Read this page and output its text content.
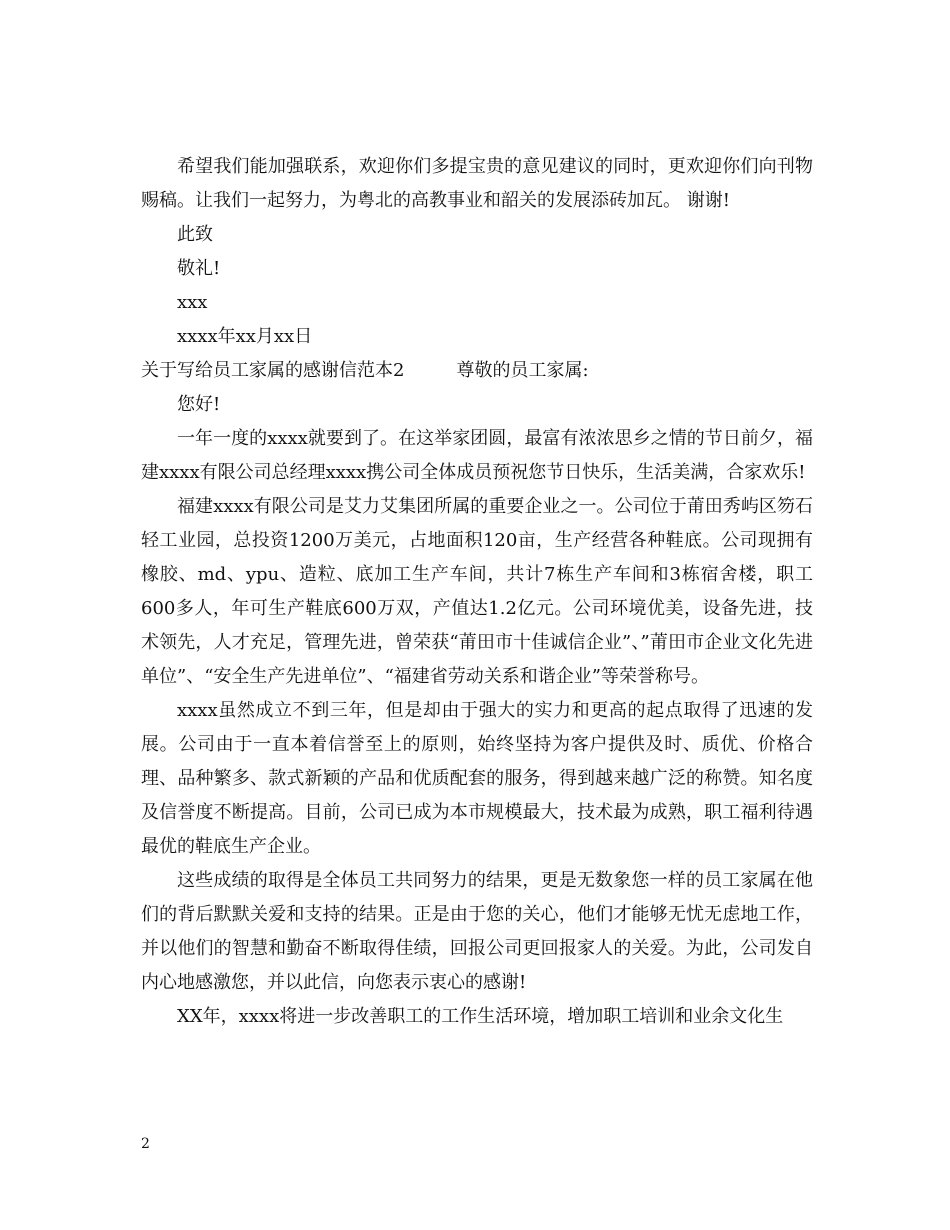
希望我们能加强联系，欢迎你们多提宝贵的意见建议的同时，更欢迎你们向刊物赐稿。让我们一起努力，为粤北的高教事业和韶关的发展添砖加瓦。 谢谢!

此致

敬礼!

xxx

xxxx年xx月xx日

关于写给员工家属的感谢信范本2	尊敬的员工家属:

您好!

一年一度的xxxx就要到了。在这举家团圆，最富有浓浓思乡之情的节日前夕，福建xxxx有限公司总经理xxxx携公司全体成员预祝您节日快乐，生活美满，合家欢乐!

福建xxxx有限公司是艾力艾集团所属的重要企业之一。公司位于莆田秀屿区笏石轻工业园，总投资1200万美元，占地面积120亩，生产经营各种鞋底。公司现拥有橡胶、md、ypu、造粒、底加工生产车间，共计7栋生产车间和3栋宿舍楼，职工600多人，年可生产鞋底600万双，产值达1.2亿元。公司环境优美，设备先进，技术领先，人才充足，管理先进，曾荣获“莆田市十佳诚信企业”、”莆田市企业文化先进单位”、“安全生产先进单位”、“福建省劳动关系和谐企业”等荣誉称号。

xxxx虽然成立不到三年，但是却由于强大的实力和更高的起点取得了迅速的发展。公司由于一直本着信誉至上的原则，始终坚持为客户提供及时、质优、价格合理、品种繁多、款式新颖的产品和优质配套的服务，得到越来越广泛的称赞。知名度及信誉度不断提高。目前，公司已成为本市规模最大，技术最为成熟，职工福利待遇最优的鞋底生产企业。

这些成绩的取得是全体员工共同努力的结果，更是无数象您一样的员工家属在他们的背后默默关爱和支持的结果。正是由于您的关心，他们才能够无忧无虑地工作，并以他们的智慧和勤奋不断取得佳绩，回报公司更回报家人的关爱。为此，公司发自内心地感激您，并以此信，向您表示衷心的感谢!

XX年，xxxx将进一步改善职工的工作生活环境，增加职工培训和业余文化生

2
